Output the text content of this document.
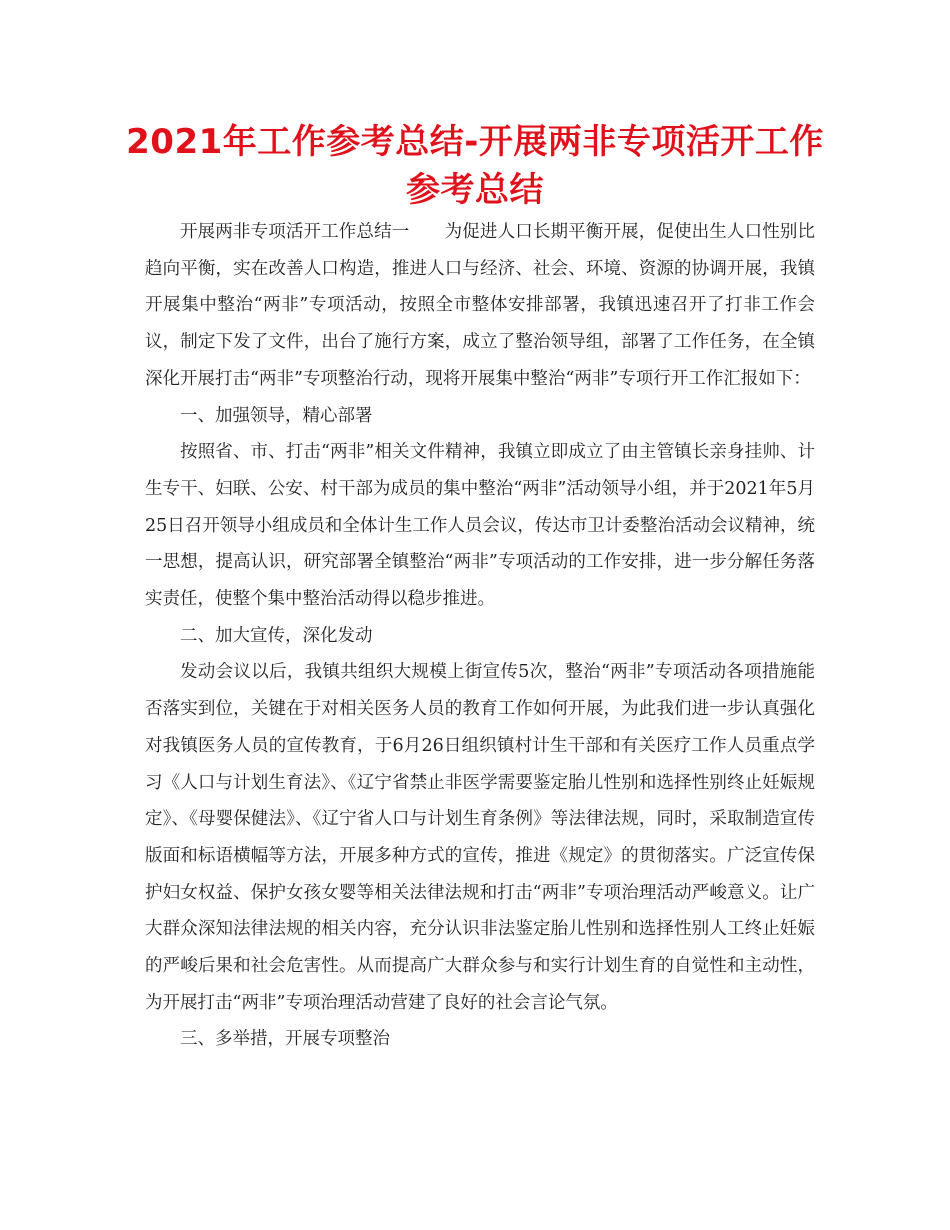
2021年工作参考总结-开展两非专项活开工作参考总结

开展两非专项活开工作总结一　　为促进人口长期平衡开展，促使出生人口性别比趋向平衡，实在改善人口构造，推进人口与经济、社会、环境、资源的协调开展，我镇开展集中整治“两非”专项活动，按照全市整体安排部署，我镇迅速召开了打非工作会议，制定下发了文件，出台了施行方案，成立了整治领导组，部署了工作任务，在全镇深化开展打击“两非”专项整治行动，现将开展集中整治“两非”专项行开工作汇报如下：

一、加强领导，精心部署

按照省、市、打击“两非”相关文件精神，我镇立即成立了由主管镇长亲身挂帅、计生专干、妇联、公安、村干部为成员的集中整治“两非”活动领导小组，并于2021年5月25日召开领导小组成员和全体计生工作人员会议，传达市卫计委整治活动会议精神，统一思想，提高认识，研究部署全镇整治“两非”专项活动的工作安排，进一步分解任务落实责任，使整个集中整治活动得以稳步推进。

二、加大宣传，深化发动

发动会议以后，我镇共组织大规模上街宣传5次，整治“两非”专项活动各项措施能否落实到位，关键在于对相关医务人员的教育工作如何开展，为此我们进一步认真强化对我镇医务人员的宣传教育，于6月26日组织镇村计生干部和有关医疗工作人员重点学习《人口与计划生育法》、《辽宁省禁止非医学需要鉴定胎儿性别和选择性别终止妊娠规定》、《母婴保健法》、《辽宁省人口与计划生育条例》等法律法规，同时，采取制造宣传版面和标语横幅等方法，开展多种方式的宣传，推进《规定》的贯彻落实。广泛宣传保护妇女权益、保护女孩女婴等相关法律法规和打击“两非”专项治理活动严峻意义。让广大群众深知法律法规的相关内容，充分认识非法鉴定胎儿性别和选择性别人工终止妊娠的严峻后果和社会危害性。从而提高广大群众参与和实行计划生育的自觉性和主动性，为开展打击“两非”专项治理活动营建了良好的社会言论气氛。

三、多举措，开展专项整治
